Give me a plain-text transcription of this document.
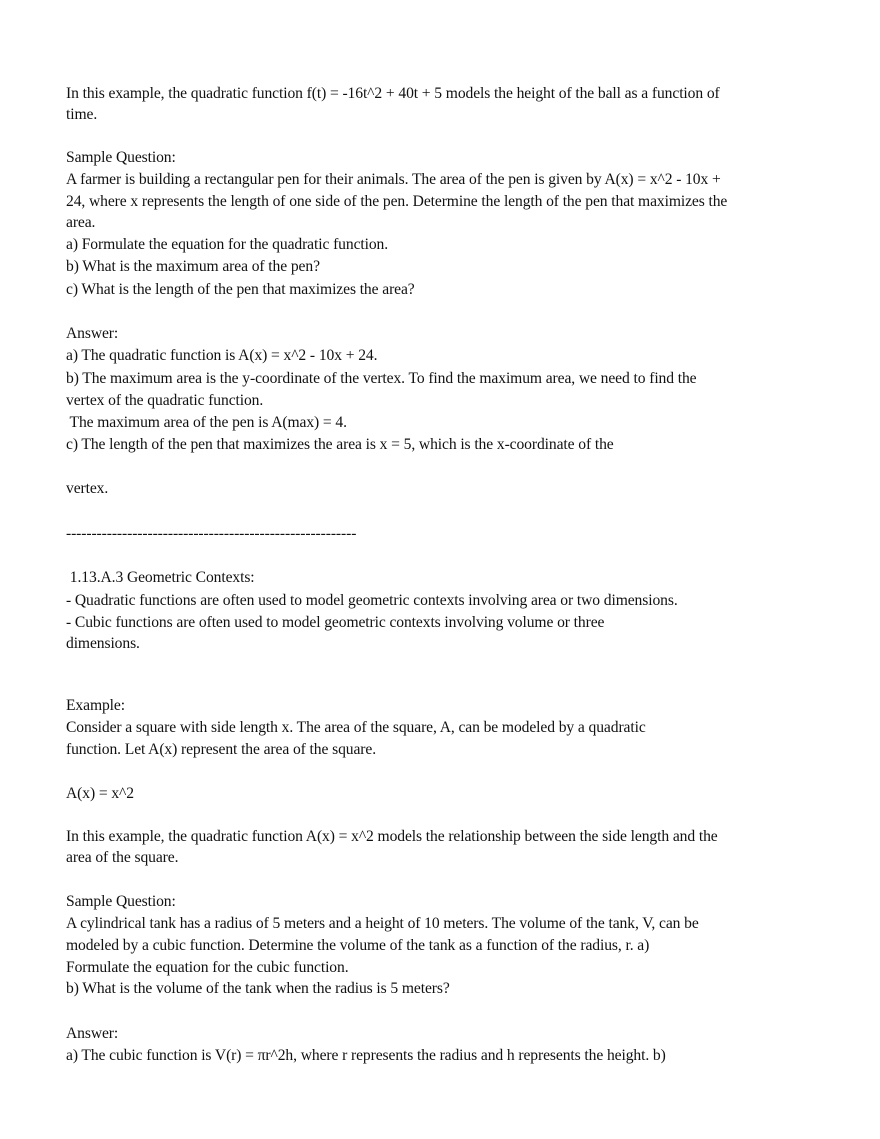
In this example, the quadratic function f(t) = -16t^2 + 40t + 5 models the height of the ball as a function of
time.
Sample Question:
A farmer is building a rectangular pen for their animals. The area of the pen is given by A(x) = x^2 - 10x +
24, where x represents the length of one side of the pen. Determine the length of the pen that maximizes the
area.
a) Formulate the equation for the quadratic function.
b) What is the maximum area of the pen?
c) What is the length of the pen that maximizes the area?
Answer:
a) The quadratic function is A(x) = x^2 - 10x + 24.
b) The maximum area is the y-coordinate of the vertex. To find the maximum area, we need to find the
vertex of the quadratic function.
The maximum area of the pen is A(max) = 4.
c) The length of the pen that maximizes the area is x = 5, which is the x-coordinate of the
vertex.
---------------------------------------------------------
1.13.A.3 Geometric Contexts:
- Quadratic functions are often used to model geometric contexts involving area or two dimensions.
- Cubic functions are often used to model geometric contexts involving volume or three
dimensions.
Example:
Consider a square with side length x. The area of the square, A, can be modeled by a quadratic
function. Let A(x) represent the area of the square.
A(x) = x^2
In this example, the quadratic function A(x) = x^2 models the relationship between the side length and the
area of the square.
Sample Question:
A cylindrical tank has a radius of 5 meters and a height of 10 meters. The volume of the tank, V, can be
modeled by a cubic function. Determine the volume of the tank as a function of the radius, r. a)
Formulate the equation for the cubic function.
b) What is the volume of the tank when the radius is 5 meters?
Answer:
a) The cubic function is V(r) = πr^2h, where r represents the radius and h represents the height. b)
